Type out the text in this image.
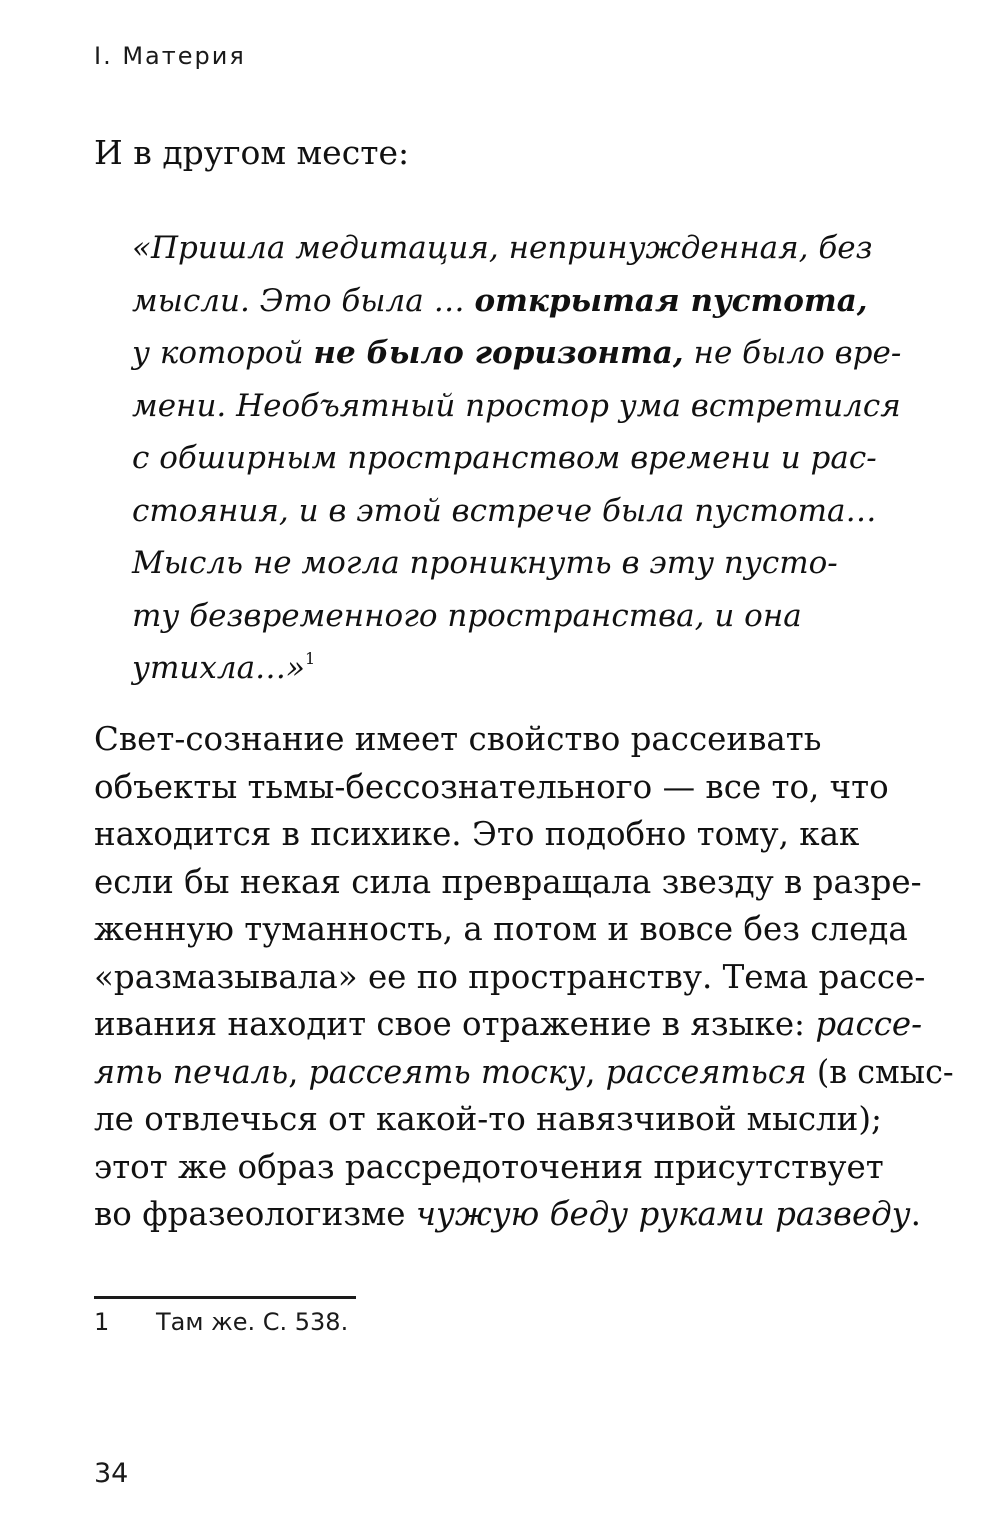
I. Материя
И в другом месте:
«Пришла медитация, непринужденная, без
мысли. Это была … открытая пустота,
у которой не было горизонта, не было вре-
мени. Необъятный простор ума встретился
с обширным пространством времени и рас-
стояния, и в этой встрече была пустота…
Мысль не могла проникнуть в эту пусто-
ту безвременного пространства, и она
утихла…»$^1$
Свет-сознание имеет свойство рассеивать
объекты тьмы-бессознательного — все то, что
находится в психике. Это подобно тому, как
если бы некая сила превращала звезду в разре-
женную туманность, а потом и вовсе без следа
«размазывала» ее по пространству. Тема рассе-
ивания находит свое отражение в языке: рассе-
ять печаль, рассеять тоску, рассеяться (в смыс-
ле отвлечься от какой-то навязчивой мысли);
этот же образ рассредоточения присутствует
во фразеологизме чужую беду руками разведу.
1 Там же. С. 538.
34
